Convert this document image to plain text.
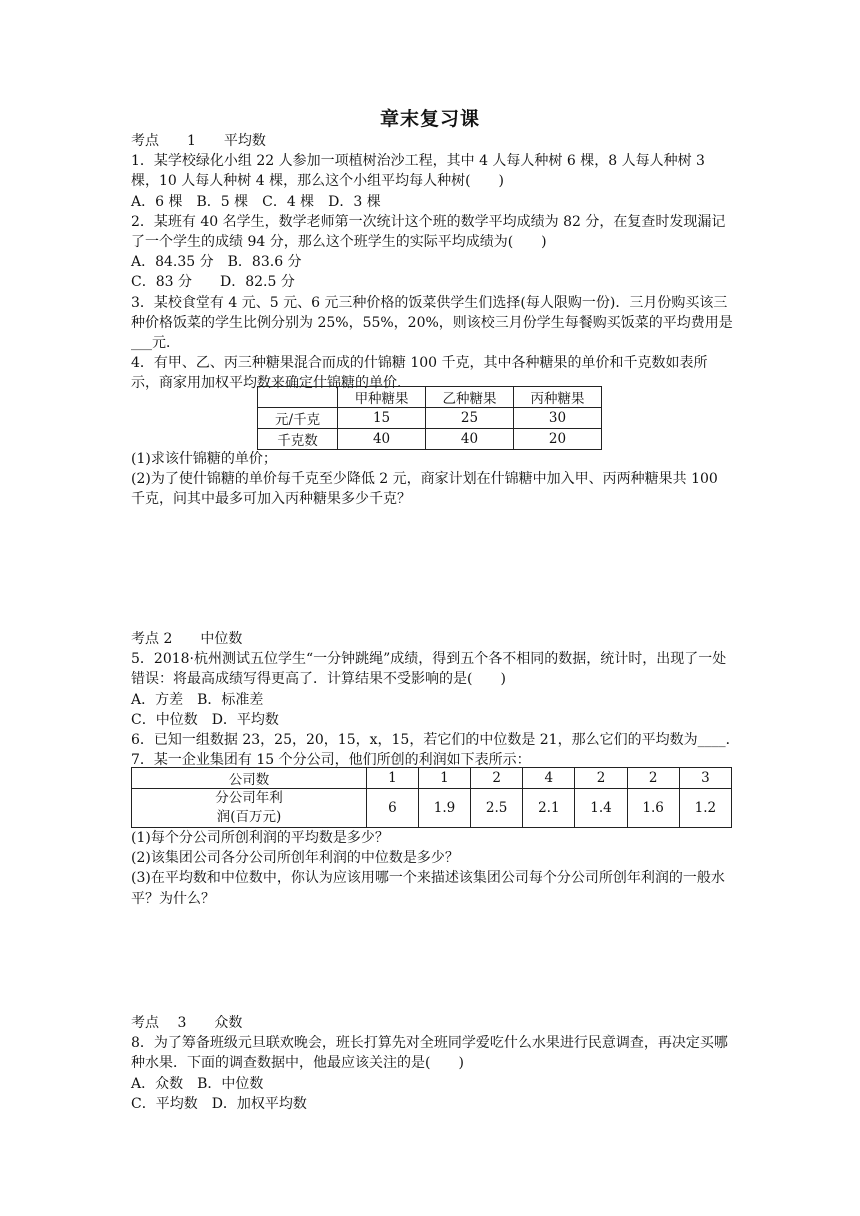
章末复习课
考点　　1　　平均数
1．某学校绿化小组 22 人参加一项植树治沙工程，其中 4 人每人种树 6 棵，8 人每人种树 3 棵，10 人每人种树 4 棵，那么这个小组平均每人种树(　　)
A．6 棵　B．5 棵　C．4 棵　D．3 棵
2．某班有 40 名学生，数学老师第一次统计这个班的数学平均成绩为 82 分，在复查时发现漏记了一个学生的成绩 94 分，那么这个班学生的实际平均成绩为(　　)
A．84.35 分　B．83.6 分
C．83 分　　D．82.5 分
3．某校食堂有 4 元、5 元、6 元三种价格的饭菜供学生们选择(每人限购一份)．三月份购买该三种价格饭菜的学生比例分别为 25%，55%，20%，则该校三月份学生每餐购买饭菜的平均费用是___元．
4．有甲、乙、丙三种糖果混合而成的什锦糖 100 千克，其中各种糖果的单价和千克数如表所示，商家用加权平均数来确定什锦糖的单价．
	甲种糖果	乙种糖果	丙种糖果
元/千克	15	25	30
千克数	40	40	20
(1)求该什锦糖的单价；
(2)为了使什锦糖的单价每千克至少降低 2 元，商家计划在什锦糖中加入甲、丙两种糖果共 100 千克，问其中最多可加入丙种糖果多少千克？
考点 2　　中位数
5．2018·杭州测试五位学生“一分钟跳绳”成绩，得到五个各不相同的数据，统计时，出现了一处错误：将最高成绩写得更高了．计算结果不受影响的是(　　)
A．方差　B．标准差
C．中位数　D．平均数
6．已知一组数据 23，25，20，15，x，15，若它们的中位数是 21，那么它们的平均数为____．
7．某一企业集团有 15 个分公司，他们所创的利润如下表所示：
公司数	1	1	2	4	2	2	3

分公司年利
润(百万元)	6	1.9	2.5	2.1	1.4	1.6	1.2
(1)每个分公司所创利润的平均数是多少？
(2)该集团公司各分公司所创年利润的中位数是多少？
(3)在平均数和中位数中，你认为应该用哪一个来描述该集团公司每个分公司所创年利润的一般水平？为什么？
考点　 3　　众数
8．为了筹备班级元旦联欢晚会，班长打算先对全班同学爱吃什么水果进行民意调查，再决定买哪种水果．下面的调查数据中，他最应该关注的是(　　)
A．众数　B．中位数
C．平均数　D．加权平均数
